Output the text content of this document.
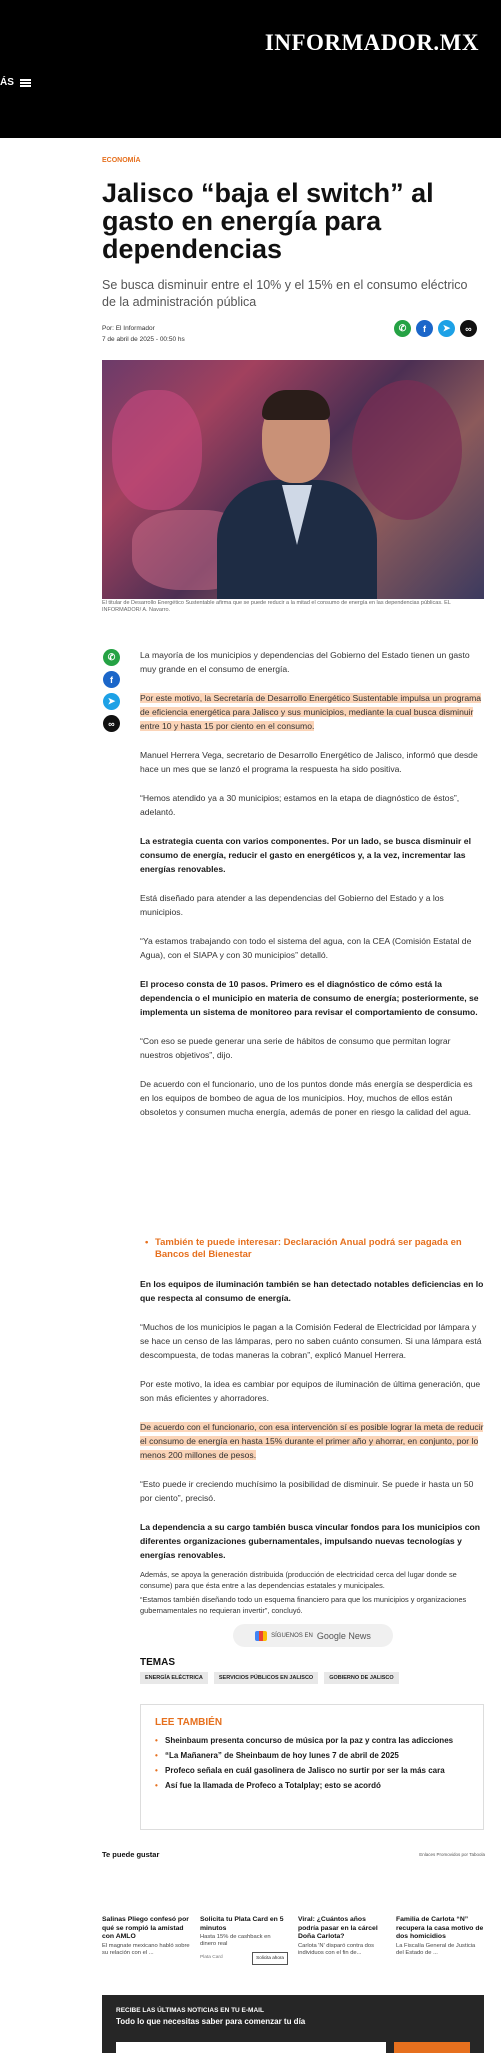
ÁS
INFORMADOR.MX
ECONOMÍA
Jalisco “baja el switch” al gasto en energía para dependencias

Se busca disminuir entre el 10% y el 15% en el consumo eléctrico de la administración pública

Por: El Informador
7 de abril de 2025 - 00:50 hs
✆	f	➤	∞
El titular de Desarrollo Energético Sustentable afirma que se puede reducir a la mitad el consumo de energía en las dependencias públicas. EL INFORMADOR/ A. Navarro.
✆
f
➤
∞

La mayoría de los municipios y dependencias del Gobierno del Estado tienen un gasto muy grande en el consumo de energía.

Por este motivo, la Secretaría de Desarrollo Energético Sustentable impulsa un programa de eficiencia energética para Jalisco y sus municipios, mediante la cual busca disminuir entre 10 y hasta 15 por ciento en el consumo.

Manuel Herrera Vega, secretario de Desarrollo Energético de Jalisco, informó que desde hace un mes que se lanzó el programa la respuesta ha sido positiva.

“Hemos atendido ya a 30 municipios; estamos en la etapa de diagnóstico de éstos”, adelantó.

La estrategia cuenta con varios componentes. Por un lado, se busca disminuir el consumo de energía, reducir el gasto en energéticos y, a la vez, incrementar las energías renovables.

Está diseñado para atender a las dependencias del Gobierno del Estado y a los municipios.

“Ya estamos trabajando con todo el sistema del agua, con la CEA (Comisión Estatal de Agua), con el SIAPA y con 30 municipios” detalló.

El proceso consta de 10 pasos. Primero es el diagnóstico de cómo está la dependencia o el municipio en materia de consumo de energía; posteriormente, se implementa un sistema de monitoreo para revisar el comportamiento de consumo.

“Con eso se puede generar una serie de hábitos de consumo que permitan lograr nuestros objetivos”, dijo.

De acuerdo con el funcionario, uno de los puntos donde más energía se desperdicia es en los equipos de bombeo de agua de los municipios. Hoy, muchos de ellos están obsoletos y consumen mucha energía, además de poner en riesgo la calidad del agua.

• También te puede interesar: Declaración Anual podrá ser pagada en Bancos del Bienestar

En los equipos de iluminación también se han detectado notables deficiencias en lo que respecta al consumo de energía.

“Muchos de los municipios le pagan a la Comisión Federal de Electricidad por lámpara y se hace un censo de las lámparas, pero no saben cuánto consumen. Si una lámpara está descompuesta, de todas maneras la cobran”, explicó Manuel Herrera.

Por este motivo, la idea es cambiar por equipos de iluminación de última generación, que son más eficientes y ahorradores.

De acuerdo con el funcionario, con esa intervención sí es posible lograr la meta de reducir el consumo de energía en hasta 15% durante el primer año y ahorrar, en conjunto, por lo menos 200 millones de pesos.

“Esto puede ir creciendo muchísimo la posibilidad de disminuir. Se puede ir hasta un 50 por ciento”, precisó.

La dependencia a su cargo también busca vincular fondos para los municipios con diferentes organizaciones gubernamentales, impulsando nuevas tecnologías y energías renovables.

SÍGUENOS EN Google News

Además, se apoya la generación distribuida (producción de electricidad cerca del lugar donde se consume) para que ésta entre a las dependencias estatales y municipales.

“Estamos también diseñando todo un esquema financiero para que los municipios y organizaciones gubernamentales no requieran invertir”, concluyó.

TEMAS
ENERGÍA ELÉCTRICA	SERVICIOS PÚBLICOS EN JALISCO	GOBIERNO DE JALISCO
LEE TAMBIÉN
• Sheinbaum presenta concurso de música por la paz y contra las adicciones
• “La Mañanera” de Sheinbaum de hoy lunes 7 de abril de 2025
• Profeco señala en cuál gasolinera de Jalisco no surtir por ser la más cara
• Así fue la llamada de Profeco a Totalplay; esto se acordó
Te puede gustar	Enlaces Promovidos por Taboola
Salinas Pliego confesó por qué se rompió la amistad con AMLO
El magnate mexicano habló sobre su relación con el ...
Solicita tu Plata Card en 5 minutos
Hasta 15% de cashback en dinero real
Plata Card	Solicita ahora
Viral: ¿Cuántos años podría pasar en la cárcel Doña Carlota?
Carlota 'N' disparó contra dos individuos con el fin de...
Familia de Carlota “N” recupera la casa motivo de dos homicidios
La Fiscalía General de Justicia del Estado de ...
RECIBE LAS ÚLTIMAS NOTICIAS EN TU E-MAIL
Todo lo que necesitas saber para comenzar tu día
